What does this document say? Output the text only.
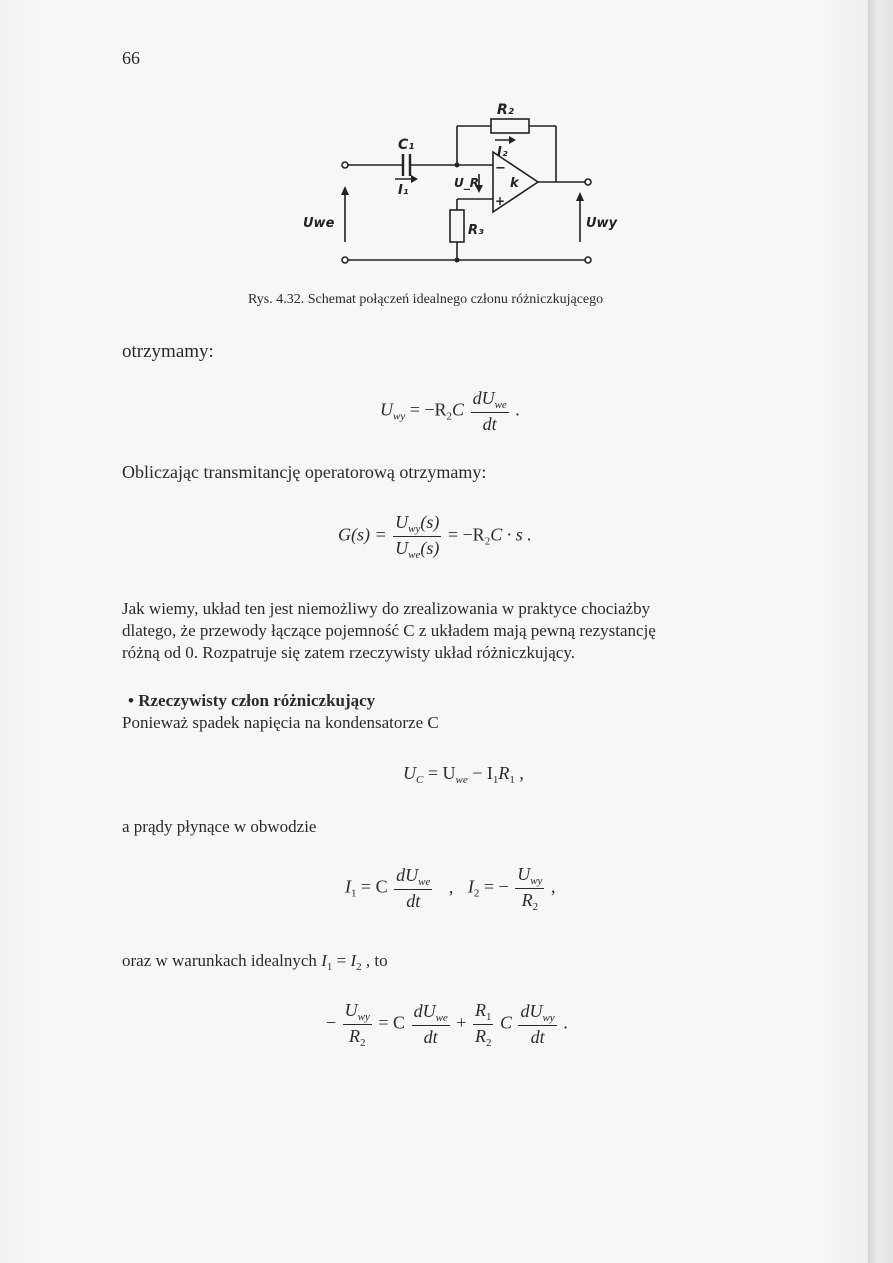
66
R₂
I₂
C₁
I₁	U_R k
−
+
R₃
Uwe	Uwy
Rys. 4.32. Schemat połączeń idealnego członu różniczkującego
otrzymamy:
$U_{wy} = -R_2C \frac{dU_{we}}{dt}$ .
Obliczając transmitancję operatorową otrzymamy:
$G(s) = \frac{U_{wy}(s)}{U_{we}(s)} = -R_2C \cdot s$ .
Jak wiemy, układ ten jest niemożliwy do zrealizowania w praktyce chociażby
dlatego, że przewody łączące pojemność C z układem mają pewną rezystancję
różną od 0. Rozpatruje się zatem rzeczywisty układ różniczkujący.
• Rzeczywisty człon różniczkujący
Ponieważ spadek napięcia na kondensatorze C
$U_C = U_{we} - I_1R_1$ ,
a prądy płynące w obwodzie
$I_1 = C \frac{dU_{we}}{dt}$ , $I_2$ = − $\frac{U_{wy}}{R_2}$ ,
oraz w warunkach idealnych $I_1 = I_2$ , to
− $\frac{U_{wy}}{R_2} = C \frac{dU_{we}}{dt} + \frac{R_1}{R_2}$ C $\frac{dU_{wy}}{dt}$ .
